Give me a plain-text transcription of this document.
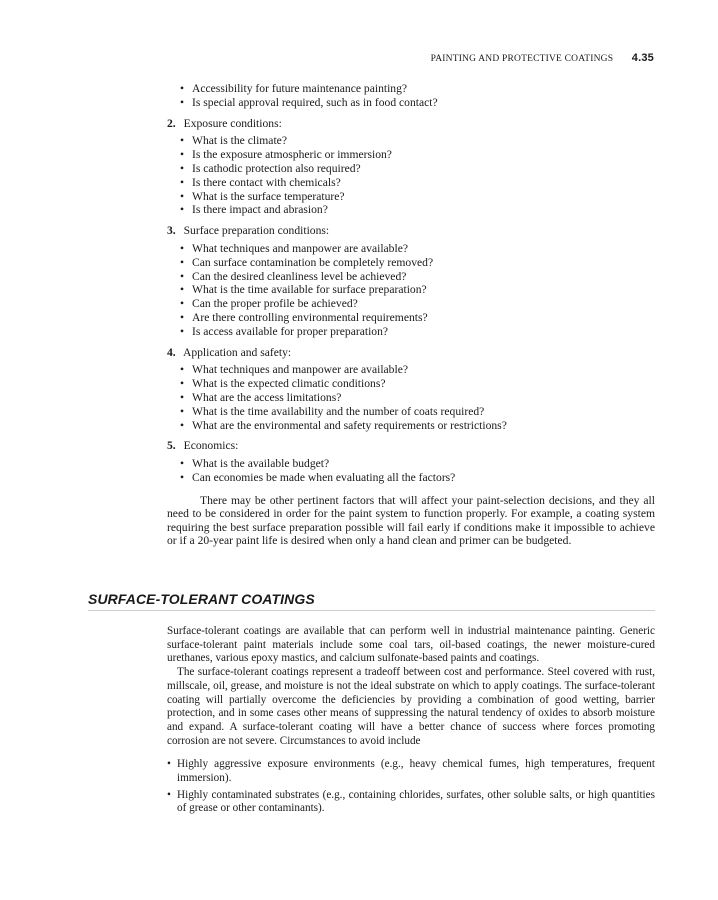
PAINTING AND PROTECTIVE COATINGS 4.35
• Accessibility for future maintenance painting?
• Is special approval required, such as in food contact?

2. Exposure conditions:

• What is the climate?
• Is the exposure atmospheric or immersion?
• Is cathodic protection also required?
• Is there contact with chemicals?
• What is the surface temperature?
• Is there impact and abrasion?

3. Surface preparation conditions:

• What techniques and manpower are available?
• Can surface contamination be completely removed?
• Can the desired cleanliness level be achieved?
• What is the time available for surface preparation?
• Can the proper profile be achieved?
• Are there controlling environmental requirements?
• Is access available for proper preparation?

4. Application and safety:

• What techniques and manpower are available?
• What is the expected climatic conditions?
• What are the access limitations?
• What is the time availability and the number of coats required?
• What are the environmental and safety requirements or restrictions?

5. Economics:

• What is the available budget?
• Can economies be made when evaluating all the factors?

There may be other pertinent factors that will affect your paint-selection decisions, and they all need to be considered in order for the paint system to function properly. For example, a coating system requiring the best surface preparation possible will fail early if conditions make it impossible to achieve or if a 20-year paint life is desired when only a hand clean and primer can be budgeted.

SURFACE-TOLERANT COATINGS

Surface-tolerant coatings are available that can perform well in industrial maintenance painting. Generic surface-tolerant paint materials include some coal tars, oil-based coatings, the newer moisture-cured urethanes, various epoxy mastics, and calcium sulfonate-based paints and coatings.

The surface-tolerant coatings represent a tradeoff between cost and performance. Steel covered with rust, millscale, oil, grease, and moisture is not the ideal substrate on which to apply coatings. The surface-tolerant coating will partially overcome the deficiencies by providing a combination of good wetting, barrier protection, and in some cases other means of suppressing the natural tendency of oxides to absorb moisture and expand. A surface-tolerant coating will have a better chance of success where forces promoting corrosion are not severe. Circumstances to avoid include

• Highly aggressive exposure environments (e.g., heavy chemical fumes, high temperatures, frequent immersion).
• Highly contaminated substrates (e.g., containing chlorides, surfates, other soluble salts, or high quantities of grease or other contaminants).
